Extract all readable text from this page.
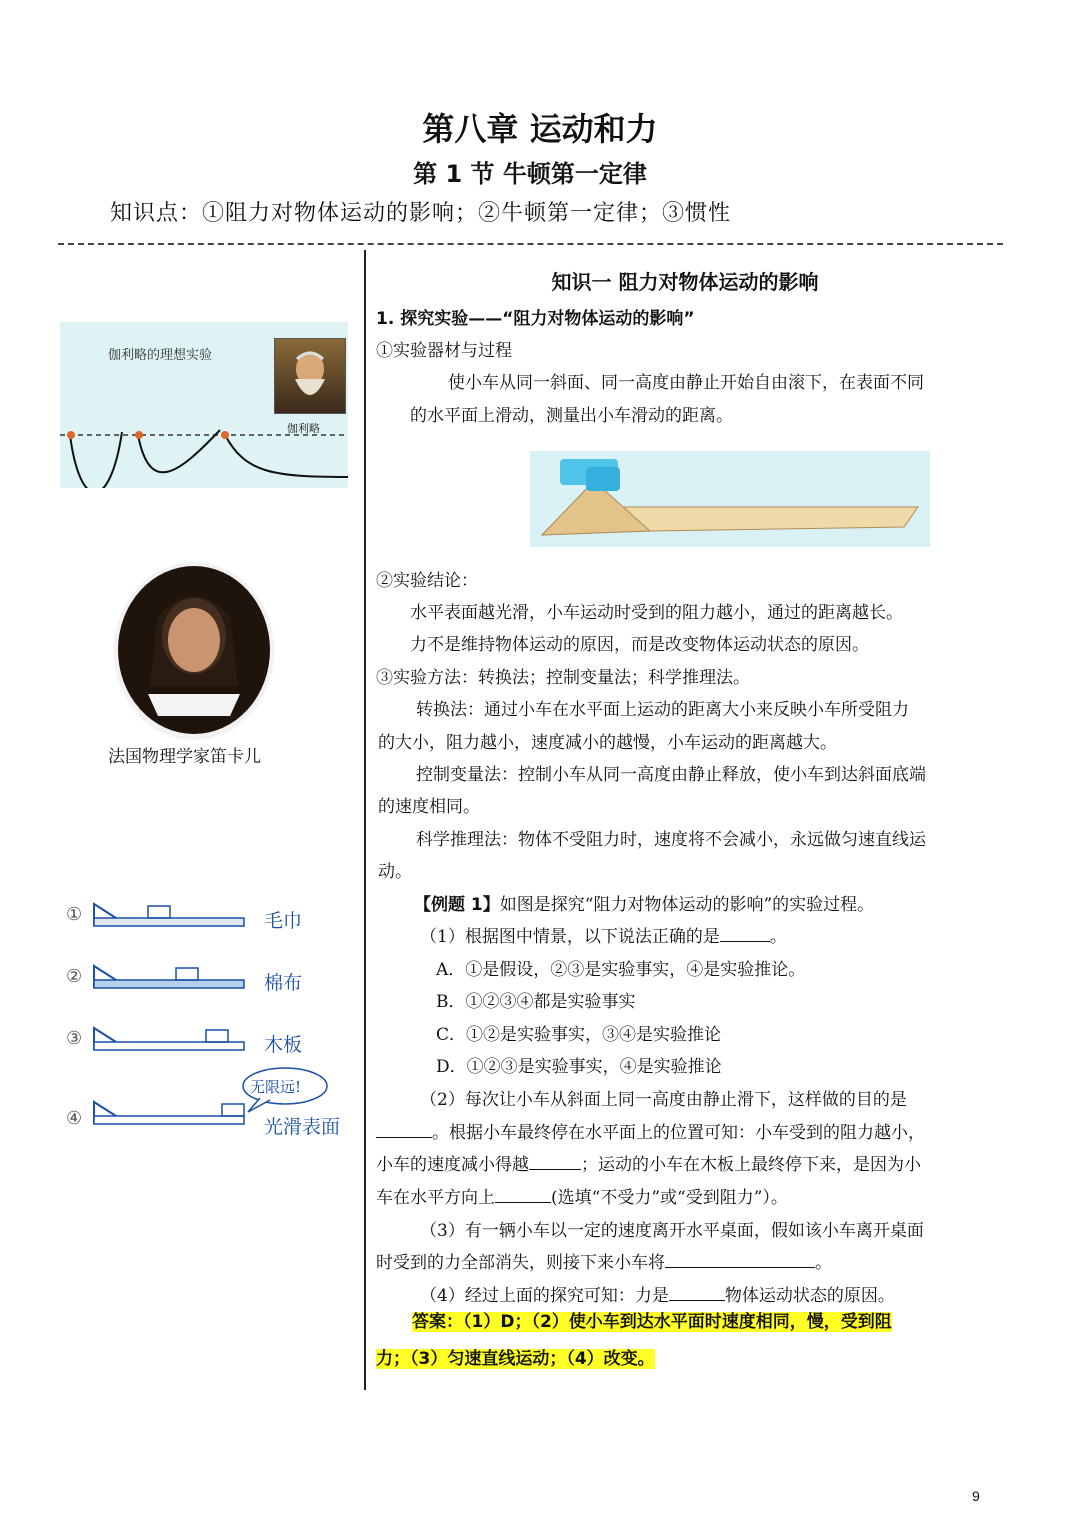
第八章 运动和力
第 1 节 牛顿第一定律
知识点：①阻力对物体运动的影响；②牛顿第一定律；③惯性
伽利略的理想实验
伽利略
法国物理学家笛卡儿
①	毛巾
②	棉布
③	木板
④	光滑表面
无限远!
知识一 阻力对物体运动的影响
1. 探究实验——“阻力对物体运动的影响”
①实验器材与过程
使小车从同一斜面、同一高度由静止开始自由滚下，在表面不同
的水平面上滑动，测量出小车滑动的距离。
②实验结论：
水平表面越光滑，小车运动时受到的阻力越小，通过的距离越长。
力不是维持物体运动的原因，而是改变物体运动状态的原因。
③实验方法：转换法；控制变量法；科学推理法。
转换法：通过小车在水平面上运动的距离大小来反映小车所受阻力
的大小，阻力越小，速度减小的越慢，小车运动的距离越大。
控制变量法：控制小车从同一高度由静止释放，使小车到达斜面底端
的速度相同。
科学推理法：物体不受阻力时，速度将不会减小，永远做匀速直线运
动。
【例题 1】如图是探究“阻力对物体运动的影响”的实验过程。
（1）根据图中情景，以下说法正确的是	。
A．①是假设，②③是实验事实，④是实验推论。
B．①②③④都是实验事实
C．①②是实验事实，③④是实验推论
D．①②③是实验事实，④是实验推论
（2）每次让小车从斜面上同一高度由静止滑下，这样做的目的是
。根据小车最终停在水平面上的位置可知：小车受到的阻力越小，
小车的速度减小得越	；运动的小车在木板上最终停下来，是因为小
车在水平方向上	(选填“不受力”或“受到阻力”）。
（3）有一辆小车以一定的速度离开水平桌面，假如该小车离开桌面
时受到的力全部消失，则接下来小车将	。
（4）经过上面的探究可知：力是	物体运动状态的原因。
答案：（1）D；（2）使小车到达水平面时速度相同，慢，受到阻
力；（3）匀速直线运动；（4）改变。
9
